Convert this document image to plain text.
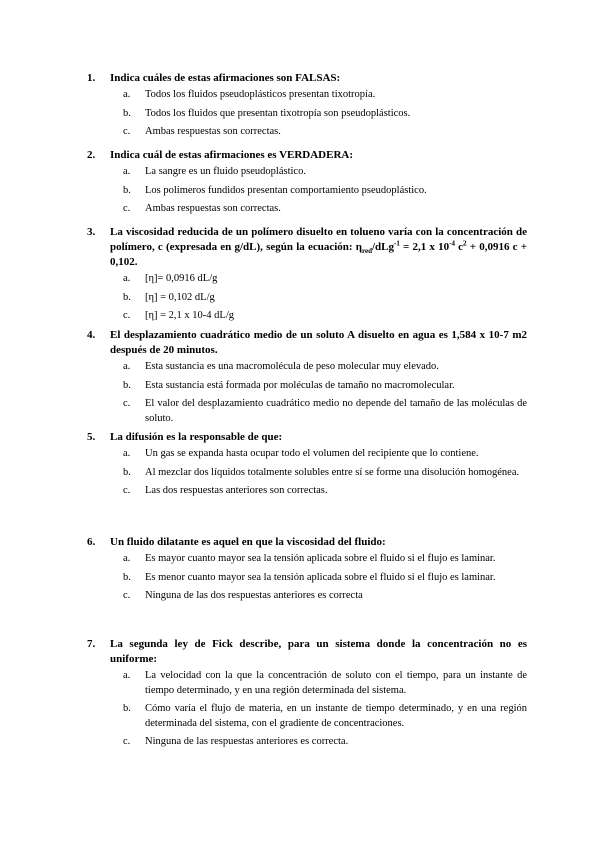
1. Indica cuáles de estas afirmaciones son FALSAS:
a. Todos los fluidos pseudoplásticos presentan tixotropía.
b. Todos los fluidos que presentan tixotropía son pseudoplásticos.
c. Ambas respuestas son correctas.
2. Indica cuál de estas afirmaciones es VERDADERA:
a. La sangre es un fluido pseudoplástico.
b. Los polímeros fundidos presentan comportamiento pseudoplástico.
c. Ambas respuestas son correctas.
3. La viscosidad reducida de un polímero disuelto en tolueno varía con la concentración de polímero, c (expresada en g/dL), según la ecuación: $\eta_{red}/dLg^{-1} = 2,1$ x $10^{-4}$ $c^2 + 0,0916$ c + 0,102.
a. [η]= 0,0916 dL/g
b. [η] = 0,102 dL/g
c. [η] = 2,1 x 10-4 dL/g
4. El desplazamiento cuadrático medio de un soluto A disuelto en agua es 1,584 x 10-7 m2 después de 20 minutos.
a. Esta sustancia es una macromolécula de peso molecular muy elevado.
b. Esta sustancia está formada por moléculas de tamaño no macromolecular.
c. El valor del desplazamiento cuadrático medio no depende del tamaño de las moléculas de soluto.
5. La difusión es la responsable de que:
a. Un gas se expanda hasta ocupar todo el volumen del recipiente que lo contiene.
b. Al mezclar dos líquidos totalmente solubles entre sí se forme una disolución homogénea.
c. Las dos respuestas anteriores son correctas.
6. Un fluido dilatante es aquel en que la viscosidad del fluido:
a. Es mayor cuanto mayor sea la tensión aplicada sobre el fluido si el flujo es laminar.
b. Es menor cuanto mayor sea la tensión aplicada sobre el fluido si el flujo es laminar.
c. Ninguna de las dos respuestas anteriores es correcta
7. La segunda ley de Fick describe, para un sistema donde la concentración no es uniforme:
a. La velocidad con la que la concentración de soluto con el tiempo, para un instante de tiempo determinado, y en una región determinada del sistema.
b. Cómo varía el flujo de materia, en un instante de tiempo determinado, y en una región determinada del sistema, con el gradiente de concentraciones.
c. Ninguna de las respuestas anteriores es correcta.
